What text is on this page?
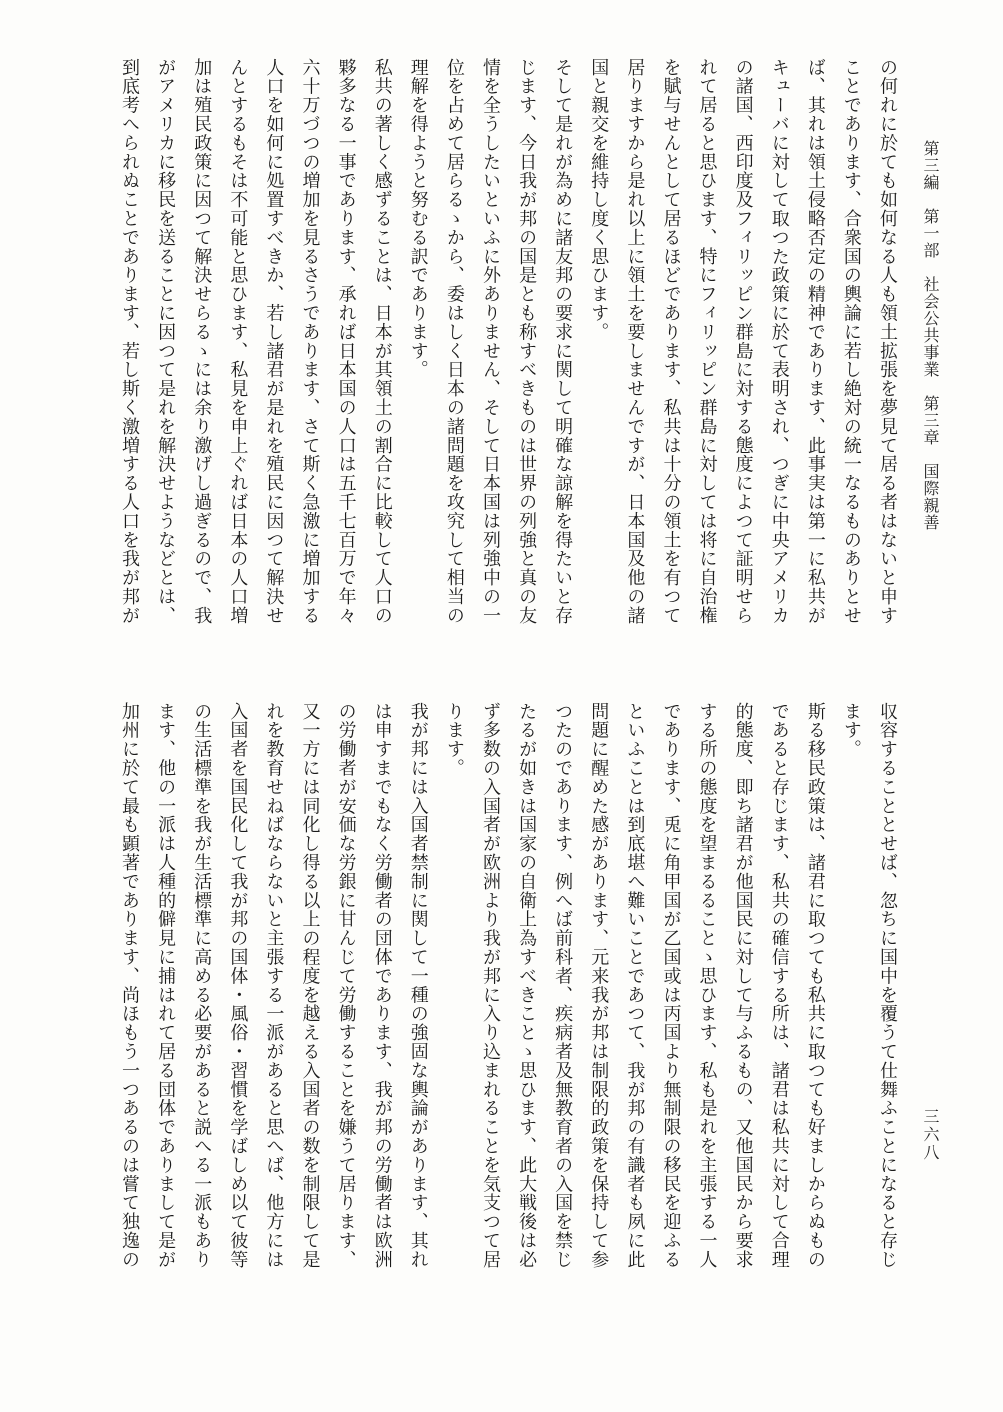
第三編　第一部　社会公共事業　第三章　国際親善
三六八
の何れに於ても如何なる人も領土拡張を夢見て居る者はないと申す
ことであります、合衆国の輿論に若し絶対の統一なるものありとせ
ば、其れは領土侵略否定の精神であります、此事実は第一に私共が
キューバに対して取つた政策に於て表明され、つぎに中央アメリカ
の諸国、西印度及フィリッピン群島に対する態度によつて証明せら
れて居ると思ひます、特にフィリッピン群島に対しては将に自治権
を賦与せんとして居るほどであります、私共は十分の領土を有つて
居りますから是れ以上に領土を要しませんですが、日本国及他の諸
国と親交を維持し度く思ひます。
そして是れが為めに諸友邦の要求に関して明確な諒解を得たいと存
じます、今日我が邦の国是とも称すべきものは世界の列強と真の友
情を全うしたいといふに外ありません、そして日本国は列強中の一
位を占めて居らるゝから、委はしく日本の諸問題を攻究して相当の
理解を得ようと努むる訳であります。
私共の著しく感ずることは、日本が其領土の割合に比較して人口の
夥多なる一事であります、承れば日本国の人口は五千七百万で年々
六十万づつの増加を見るさうであります、さて斯く急激に増加する
人口を如何に処置すべきか、若し諸君が是れを殖民に因つて解決せ
んとするもそは不可能と思ひます、私見を申上ぐれば日本の人口増
加は殖民政策に因つて解決せらるゝには余り激げし過ぎるので、我
がアメリカに移民を送ることに因つて是れを解決せようなどとは、
到底考へられぬことであります、若し斯く激増する人口を我が邦が
収容することとせば、忽ちに国中を覆うて仕舞ふことになると存じ
ます。
斯る移民政策は、諸君に取つても私共に取つても好ましからぬもの
であると存じます、私共の確信する所は、諸君は私共に対して合理
的態度、即ち諸君が他国民に対して与ふるもの、又他国民から要求
する所の態度を望まるることゝ思ひます、私も是れを主張する一人
であります、兎に角甲国が乙国或は丙国より無制限の移民を迎ふる
といふことは到底堪へ難いことであつて、我が邦の有識者も夙に此
問題に醒めた感があります、元来我が邦は制限的政策を保持して参
つたのであります、例へば前科者、疾病者及無教育者の入国を禁じ
たるが如きは国家の自衛上為すべきことゝ思ひます、此大戦後は必
ず多数の入国者が欧洲より我が邦に入り込まれることを気支つて居
ります。
我が邦には入国者禁制に関して一種の強固な輿論があります、其れ
は申すまでもなく労働者の団体であります、我が邦の労働者は欧洲
の労働者が安価な労銀に甘んじて労働することを嫌うて居ります、
又一方には同化し得る以上の程度を越える入国者の数を制限して是
れを教育せねばならないと主張する一派があると思へば、他方には
入国者を国民化して我が邦の国体・風俗・習慣を学ばしめ以て彼等
の生活標準を我が生活標準に高める必要があると説へる一派もあり
ます、他の一派は人種的僻見に捕はれて居る団体でありまして是が
加州に於て最も顕著であります、尚ほもう一つあるのは嘗て独逸の
